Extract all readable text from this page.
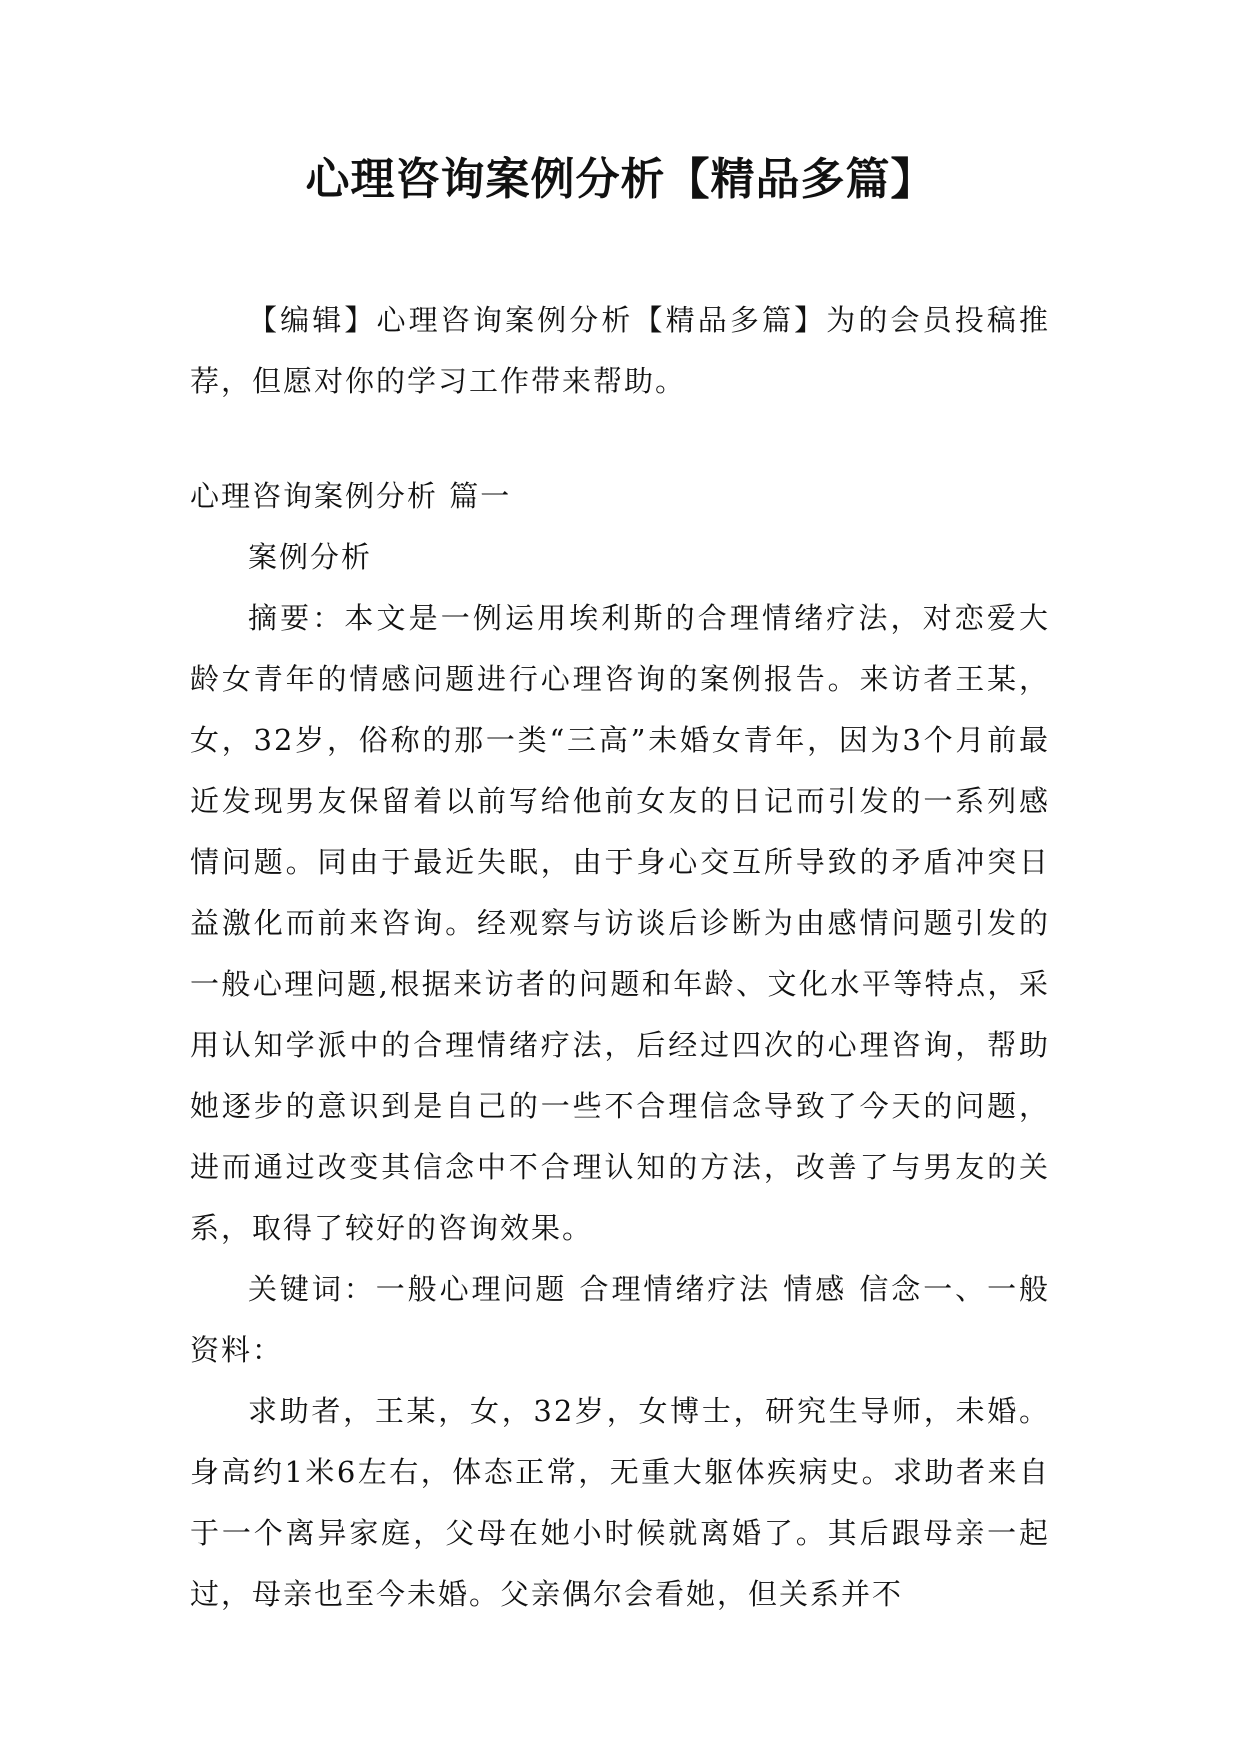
心理咨询案例分析【精品多篇】

【编辑】心理咨询案例分析【精品多篇】为的会员投稿推荐，但愿对你的学习工作带来帮助。

心理咨询案例分析 篇一

案例分析

摘要：本文是一例运用埃利斯的合理情绪疗法，对恋爱大龄女青年的情感问题进行心理咨询的案例报告。来访者王某，女，32岁，俗称的那一类“三高”未婚女青年，因为3个月前最近发现男友保留着以前写给他前女友的日记而引发的一系列感情问题。同由于最近失眠，由于身心交互所导致的矛盾冲突日益激化而前来咨询。经观察与访谈后诊断为由感情问题引发的一般心理问题,根据来访者的问题和年龄、文化水平等特点，采用认知学派中的合理情绪疗法，后经过四次的心理咨询，帮助她逐步的意识到是自己的一些不合理信念导致了今天的问题，进而通过改变其信念中不合理认知的方法，改善了与男友的关系，取得了较好的咨询效果。

关键词：一般心理问题 合理情绪疗法 情感 信念一、一般资料：

求助者，王某，女，32岁，女博士，研究生导师，未婚。身高约1米6左右，体态正常，无重大躯体疾病史。求助者来自于一个离异家庭，父母在她小时候就离婚了。其后跟母亲一起过，母亲也至今未婚。父亲偶尔会看她，但关系并不
